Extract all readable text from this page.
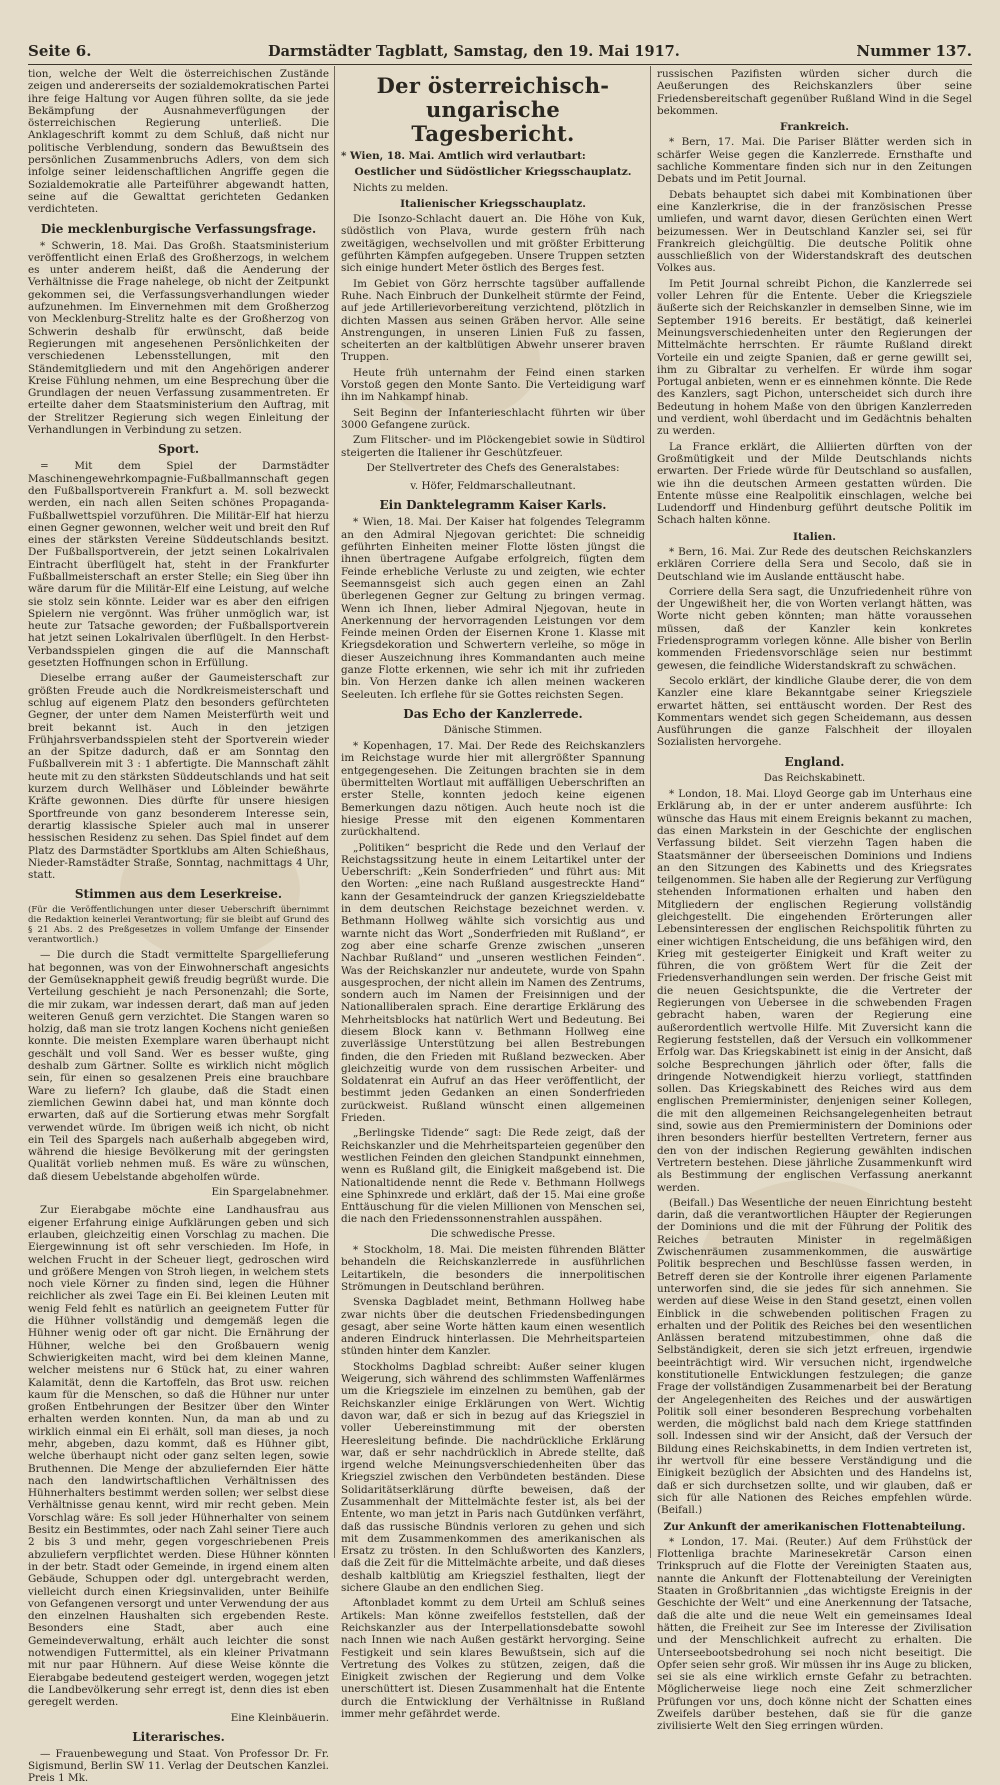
Seite 6.	Darmstädter Tagblatt, Samstag, den 19. Mai 1917.	Nummer 137.

tion, welche der Welt die österreichischen Zustände zeigen und andererseits der sozialdemokratischen Partei ihre feige Haltung vor Augen führen sollte, da sie jede Bekämpfung der Ausnahmeverfügungen der österreichischen Regierung unterließ. Die Anklageschrift kommt zu dem Schluß, daß nicht nur politische Verblendung, sondern das Bewußtsein des persönlichen Zusammenbruchs Adlers, von dem sich infolge seiner leidenschaftlichen Angriffe gegen die Sozialdemokratie alle Parteiführer abgewandt hatten, seine auf die Gewalttat gerichteten Gedanken verdichteten.

Die mecklenburgische Verfassungsfrage.

* Schwerin, 18. Mai. Das Großh. Staatsministerium veröffentlicht einen Erlaß des Großherzogs, in welchem es unter anderem heißt, daß die Aenderung der Verhältnisse die Frage nahelege, ob nicht der Zeitpunkt gekommen sei, die Verfassungsverhandlungen wieder aufzunehmen. Im Einvernehmen mit dem Großherzog von Mecklenburg-Strelitz halte es der Großherzog von Schwerin deshalb für erwünscht, daß beide Regierungen mit angesehenen Persönlichkeiten der verschiedenen Lebensstellungen, mit den Ständemitgliedern und mit den Angehörigen anderer Kreise Fühlung nehmen, um eine Besprechung über die Grundlagen der neuen Verfassung zusammentreten. Er erteilte daher dem Staatsministerium den Auftrag, mit der Strelitzer Regierung sich wegen Einleitung der Verhandlungen in Verbindung zu setzen.

Sport.

= Mit dem Spiel der Darmstädter Maschinengewehrkompagnie-Fußballmannschaft gegen den Fußballsportverein Frankfurt a. M. soll bezweckt werden, ein nach allen Seiten schönes Propaganda-Fußballwettspiel vorzuführen. Die Militär-Elf hat hierzu einen Gegner gewonnen, welcher weit und breit den Ruf eines der stärksten Vereine Süddeutschlands besitzt. Der Fußballsportverein, der jetzt seinen Lokalrivalen Eintracht überflügelt hat, steht in der Frankfurter Fußballmeisterschaft an erster Stelle; ein Sieg über ihn wäre darum für die Militär-Elf eine Leistung, auf welche sie stolz sein könnte. Leider war es aber den eifrigen Spielern nie vergönnt. Was früher unmöglich war, ist heute zur Tatsache geworden; der Fußballsportverein hat jetzt seinen Lokalrivalen überflügelt. In den Herbst-Verbandsspielen gingen die auf die Mannschaft gesetzten Hoffnungen schon in Erfüllung.

Dieselbe errang außer der Gaumeisterschaft zur größten Freude auch die Nordkreismeisterschaft und schlug auf eigenem Platz den besonders gefürchteten Gegner, der unter dem Namen Meisterfürth weit und breit bekannt ist. Auch in den jetzigen Frühjahrsverbandsspielen steht der Sportverein wieder an der Spitze dadurch, daß er am Sonntag den Fußballverein mit 3 : 1 abfertigte. Die Mannschaft zählt heute mit zu den stärksten Süddeutschlands und hat seit kurzem durch Wellhäser und Löbleinder bewährte Kräfte gewonnen. Dies dürfte für unsere hiesigen Sportfreunde von ganz besonderem Interesse sein, derartig klassische Spieler auch mal in unserer hessischen Residenz zu sehen. Das Spiel findet auf dem Platz des Darmstädter Sportklubs am Alten Schießhaus, Nieder-Ramstädter Straße, Sonntag, nachmittags 4 Uhr, statt.

Stimmen aus dem Leserkreise.

(Für die Veröffentlichungen unter dieser Ueberschrift übernimmt die Redaktion keinerlei Verantwortung; für sie bleibt auf Grund des § 21 Abs. 2 des Preßgesetzes in vollem Umfange der Einsender verantwortlich.)

— Die durch die Stadt vermittelte Spargellieferung hat begonnen, was von der Einwohnerschaft angesichts der Gemüseknappheit gewiß freudig begrüßt wurde. Die Verteilung geschieht je nach Personenzahl; die Sorte, die mir zukam, war indessen derart, daß man auf jeden weiteren Genuß gern verzichtet. Die Stangen waren so holzig, daß man sie trotz langen Kochens nicht genießen konnte. Die meisten Exemplare waren überhaupt nicht geschält und voll Sand. Wer es besser wußte, ging deshalb zum Gärtner. Sollte es wirklich nicht möglich sein, für einen so gesalzenen Preis eine brauchbare Ware zu liefern? Ich glaube, daß die Stadt einen ziemlichen Gewinn dabei hat, und man könnte doch erwarten, daß auf die Sortierung etwas mehr Sorgfalt verwendet würde. Im übrigen weiß ich nicht, ob nicht ein Teil des Spargels nach außerhalb abgegeben wird, während die hiesige Bevölkerung mit der geringsten Qualität vorlieb nehmen muß. Es wäre zu wünschen, daß diesem Uebelstande abgeholfen würde.

Ein Spargelabnehmer.

Zur Eierabgabe möchte eine Landhausfrau aus eigener Erfahrung einige Aufklärungen geben und sich erlauben, gleichzeitig einen Vorschlag zu machen. Die Eiergewinnung ist oft sehr verschieden. Im Hofe, in welchen Frucht in der Scheuer liegt, gedroschen wird und größere Mengen von Stroh liegen, in welchem stets noch viele Körner zu finden sind, legen die Hühner reichlicher als zwei Tage ein Ei. Bei kleinen Leuten mit wenig Feld fehlt es natürlich an geeignetem Futter für die Hühner vollständig und demgemäß legen die Hühner wenig oder oft gar nicht. Die Ernährung der Hühner, welche bei den Großbauern wenig Schwierigkeiten macht, wird bei dem kleinen Manne, welcher meistens nur 6 Stück hat, zu einer wahren Kalamität, denn die Kartoffeln, das Brot usw. reichen kaum für die Menschen, so daß die Hühner nur unter großen Entbehrungen der Besitzer über den Winter erhalten werden konnten. Nun, da man ab und zu wirklich einmal ein Ei erhält, soll man dieses, ja noch mehr, abgeben, dazu kommt, daß es Hühner gibt, welche überhaupt nicht oder ganz selten legen, sowie Bruthennen. Die Menge der abzuliefernden Eier hätte nach den landwirtschaftlichen Verhältnissen des Hühnerhalters bestimmt werden sollen; wer selbst diese Verhältnisse genau kennt, wird mir recht geben. Mein Vorschlag wäre: Es soll jeder Hühnerhalter von seinem Besitz ein Bestimmtes, oder nach Zahl seiner Tiere auch 2 bis 3 und mehr, gegen vorgeschriebenen Preis abzuliefern verpflichtet werden. Diese Hühner könnten in der betr. Stadt oder Gemeinde, in irgend einem alten Gebäude, Schuppen oder dgl. untergebracht werden, vielleicht durch einen Kriegsinvaliden, unter Beihilfe von Gefangenen versorgt und unter Verwendung der aus den einzelnen Haushalten sich ergebenden Reste. Besonders eine Stadt, aber auch eine Gemeindeverwaltung, erhält auch leichter die sonst notwendigen Futtermittel, als ein kleiner Privatmann mit nur paar Hühnern. Auf diese Weise könnte die Eierabgabe bedeutend gesteigert werden, wogegen jetzt die Landbevölkerung sehr erregt ist, denn dies ist eben geregelt werden.

Eine Kleinbäuerin.

Literarisches.

— Frauenbewegung und Staat. Von Professor Dr. Fr. Sigismund, Berlin SW 11. Verlag der Deutschen Kanzlei. Preis 1 Mk.

Der österreichisch-ungarische Tagesbericht.

* Wien, 18. Mai. Amtlich wird verlautbart:

Oestlicher und Südöstlicher Kriegsschauplatz.

Nichts zu melden.

Italienischer Kriegsschauplatz.

Die Isonzo-Schlacht dauert an. Die Höhe von Kuk, südöstlich von Plava, wurde gestern früh nach zweitägigen, wechselvollen und mit größter Erbitterung geführten Kämpfen aufgegeben. Unsere Truppen setzten sich einige hundert Meter östlich des Berges fest.

Im Gebiet von Görz herrschte tagsüber auffallende Ruhe. Nach Einbruch der Dunkelheit stürmte der Feind, auf jede Artillerievorbereitung verzichtend, plötzlich in dichten Massen aus seinen Gräben hervor. Alle seine Anstrengungen, in unseren Linien Fuß zu fassen, scheiterten an der kaltblütigen Abwehr unserer braven Truppen.

Heute früh unternahm der Feind einen starken Vorstoß gegen den Monte Santo. Die Verteidigung warf ihn im Nahkampf hinab.

Seit Beginn der Infanterieschlacht führten wir über 3000 Gefangene zurück.

Zum Flitscher- und im Plöckengebiet sowie in Südtirol steigerten die Italiener ihr Geschützfeuer.

Der Stellvertreter des Chefs des Generalstabes:

v. Höfer, Feldmarschalleutnant.

Ein Danktelegramm Kaiser Karls.

* Wien, 18. Mai. Der Kaiser hat folgendes Telegramm an den Admiral Njegovan gerichtet: Die schneidig geführten Einheiten meiner Flotte lösten jüngst die ihnen übertragene Aufgabe erfolgreich, fügten dem Feinde erhebliche Verluste zu und zeigten, wie echter Seemannsgeist sich auch gegen einen an Zahl überlegenen Gegner zur Geltung zu bringen vermag. Wenn ich Ihnen, lieber Admiral Njegovan, heute in Anerkennung der hervorragenden Leistungen vor dem Feinde meinen Orden der Eisernen Krone 1. Klasse mit Kriegsdekoration und Schwertern verleihe, so möge in dieser Auszeichnung ihres Kommandanten auch meine ganze Flotte erkennen, wie sehr ich mit ihr zufrieden bin. Von Herzen danke ich allen meinen wackeren Seeleuten. Ich erflehe für sie Gottes reichsten Segen.

Das Echo der Kanzlerrede.
Dänische Stimmen.

* Kopenhagen, 17. Mai. Der Rede des Reichskanzlers im Reichstage wurde hier mit allergrößter Spannung entgegengesehen. Die Zeitungen brachten sie in dem übermittelten Wortlaut mit auffälligen Ueberschriften an erster Stelle, konnten jedoch keine eigenen Bemerkungen dazu nötigen. Auch heute noch ist die hiesige Presse mit den eigenen Kommentaren zurückhaltend.

„Politiken“ bespricht die Rede und den Verlauf der Reichstagssitzung heute in einem Leitartikel unter der Ueberschrift: „Kein Sonderfrieden“ und führt aus: Mit den Worten: „eine nach Rußland ausgestreckte Hand“ kann der Gesamteindruck der ganzen Kriegszieldebatte in dem deutschen Reichstage bezeichnet werden. v. Bethmann Hollweg wählte sich vorsichtig aus und warnte nicht das Wort „Sonderfrieden mit Rußland“, er zog aber eine scharfe Grenze zwischen „unseren Nachbar Rußland“ und „unseren westlichen Feinden“. Was der Reichskanzler nur andeutete, wurde von Spahn ausgesprochen, der nicht allein im Namen des Zentrums, sondern auch im Namen der Freisinnigen und der Nationalliberalen sprach. Eine derartige Erklärung des Mehrheitsblocks hat natürlich Wert und Bedeutung. Bei diesem Block kann v. Bethmann Hollweg eine zuverlässige Unterstützung bei allen Bestrebungen finden, die den Frieden mit Rußland bezwecken. Aber gleichzeitig wurde von dem russischen Arbeiter- und Soldatenrat ein Aufruf an das Heer veröffentlicht, der bestimmt jeden Gedanken an einen Sonderfrieden zurückweist. Rußland wünscht einen allgemeinen Frieden.

„Berlingske Tidende“ sagt: Die Rede zeigt, daß der Reichskanzler und die Mehrheitsparteien gegenüber den westlichen Feinden den gleichen Standpunkt einnehmen, wenn es Rußland gilt, die Einigkeit maßgebend ist. Die Nationaltidende nennt die Rede v. Bethmann Hollwegs eine Sphinxrede und erklärt, daß der 15. Mai eine große Enttäuschung für die vielen Millionen von Menschen sei, die nach den Friedenssonnenstrahlen ausspähen.

Die schwedische Presse.

* Stockholm, 18. Mai. Die meisten führenden Blätter behandeln die Reichskanzlerrede in ausführlichen Leitartikeln, die besonders die innerpolitischen Strömungen in Deutschland berühren.

Svenska Dagbladet meint, Bethmann Hollweg habe zwar nichts über die deutschen Friedensbedingungen gesagt, aber seine Worte hätten kaum einen wesentlich anderen Eindruck hinterlassen. Die Mehrheitsparteien stünden hinter dem Kanzler.

Stockholms Dagblad schreibt: Außer seiner klugen Weigerung, sich während des schlimmsten Waffenlärmes um die Kriegsziele im einzelnen zu bemühen, gab der Reichskanzler einige Erklärungen von Wert. Wichtig davon war, daß er sich in bezug auf das Kriegsziel in voller Uebereinstimmung mit der obersten Heeresleitung befinde. Die nachdrückliche Erklärung war, daß er sehr nachdrücklich in Abrede stellte, daß irgend welche Meinungsverschiedenheiten über das Kriegsziel zwischen den Verbündeten beständen. Diese Solidaritätserklärung dürfte beweisen, daß der Zusammenhalt der Mittelmächte fester ist, als bei der Entente, wo man jetzt in Paris nach Gutdünken verfährt, daß das russische Bündnis verloren zu gehen und sich mit dem Zusammenkommen des amerikanischen als Ersatz zu trösten. In den Schlußworten des Kanzlers, daß die Zeit für die Mittelmächte arbeite, und daß dieses deshalb kaltblütig am Kriegsziel festhalten, liegt der sichere Glaube an den endlichen Sieg.

Aftonbladet kommt zu dem Urteil am Schluß seines Artikels: Man könne zweifellos feststellen, daß der Reichskanzler aus der Interpellationsdebatte sowohl nach Innen wie nach Außen gestärkt hervorging. Seine Festigkeit und sein klares Bewußtsein, sich auf die Vertretung des Volkes zu stützen, zeigen, daß die Einigkeit zwischen der Regierung und dem Volke unerschüttert ist. Diesen Zusammenhalt hat die Entente durch die Entwicklung der Verhältnisse in Rußland immer mehr gefährdet werde.

russischen Pazifisten würden sicher durch die Aeußerungen des Reichskanzlers über seine Friedensbereitschaft gegenüber Rußland Wind in die Segel bekommen.

Frankreich.

* Bern, 17. Mai. Die Pariser Blätter werden sich in schärfer Weise gegen die Kanzlerrede. Ernsthafte und sachliche Kommentare finden sich nur in den Zeitungen Debats und im Petit Journal.

Debats behauptet sich dabei mit Kombinationen über eine Kanzlerkrise, die in der französischen Presse umliefen, und warnt davor, diesen Gerüchten einen Wert beizumessen. Wer in Deutschland Kanzler sei, sei für Frankreich gleichgültig. Die deutsche Politik ohne ausschließlich von der Widerstandskraft des deutschen Volkes aus.

Im Petit Journal schreibt Pichon, die Kanzlerrede sei voller Lehren für die Entente. Ueber die Kriegsziele äußerte sich der Reichskanzler in demselben Sinne, wie im September 1916 bereits. Er bestätigt, daß keinerlei Meinungsverschiedenheiten unter den Regierungen der Mittelmächte herrschten. Er räumte Rußland direkt Vorteile ein und zeigte Spanien, daß er gerne gewillt sei, ihm zu Gibraltar zu verhelfen. Er würde ihm sogar Portugal anbieten, wenn er es einnehmen könnte. Die Rede des Kanzlers, sagt Pichon, unterscheidet sich durch ihre Bedeutung in hohem Maße von den übrigen Kanzlerreden und verdient, wohl überdacht und im Gedächtnis behalten zu werden.

La France erklärt, die Alliierten dürften von der Großmütigkeit und der Milde Deutschlands nichts erwarten. Der Friede würde für Deutschland so ausfallen, wie ihn die deutschen Armeen gestatten würden. Die Entente müsse eine Realpolitik einschlagen, welche bei Ludendorff und Hindenburg geführt deutsche Politik im Schach halten könne.

Italien.

* Bern, 16. Mai. Zur Rede des deutschen Reichskanzlers erklären Corriere della Sera und Secolo, daß sie in Deutschland wie im Auslande enttäuscht habe.

Corriere della Sera sagt, die Unzufriedenheit rühre von der Ungewißheit her, die von Worten verlangt hätten, was Worte nicht geben könnten; man hätte voraussehen müssen, daß der Kanzler kein konkretes Friedensprogramm vorlegen könne. Alle bisher von Berlin kommenden Friedensvorschläge seien nur bestimmt gewesen, die feindliche Widerstandskraft zu schwächen.

Secolo erklärt, der kindliche Glaube derer, die von dem Kanzler eine klare Bekanntgabe seiner Kriegsziele erwartet hätten, sei enttäuscht worden. Der Rest des Kommentars wendet sich gegen Scheidemann, aus dessen Ausführungen die ganze Falschheit der illoyalen Sozialisten hervorgehe.

England.
Das Reichskabinett.

* London, 18. Mai. Lloyd George gab im Unterhaus eine Erklärung ab, in der er unter anderem ausführte: Ich wünsche das Haus mit einem Ereignis bekannt zu machen, das einen Markstein in der Geschichte der englischen Verfassung bildet. Seit vierzehn Tagen haben die Staatsmänner der überseeischen Dominions und Indiens an den Sitzungen des Kabinetts und des Kriegsrates teilgenommen. Sie haben alle der Regierung zur Verfügung stehenden Informationen erhalten und haben den Mitgliedern der englischen Regierung vollständig gleichgestellt. Die eingehenden Erörterungen aller Lebensinteressen der englischen Reichspolitik führten zu einer wichtigen Entscheidung, die uns befähigen wird, den Krieg mit gesteigerter Einigkeit und Kraft weiter zu führen, die von größtem Wert für die Zeit der Friedensverhandlungen sein werden. Der frische Geist mit die neuen Gesichtspunkte, die die Vertreter der Regierungen von Uebersee in die schwebenden Fragen gebracht haben, waren der Regierung eine außerordentlich wertvolle Hilfe. Mit Zuversicht kann die Regierung feststellen, daß der Versuch ein vollkommener Erfolg war. Das Kriegskabinett ist einig in der Ansicht, daß solche Besprechungen jährlich oder öfter, falls die dringende Notwendigkeit hierzu vorliegt, stattfinden sollen. Das Kriegskabinett des Reiches wird aus dem englischen Premierminister, denjenigen seiner Kollegen, die mit den allgemeinen Reichsangelegenheiten betraut sind, sowie aus den Premierministern der Dominions oder ihren besonders hierfür bestellten Vertretern, ferner aus den von der indischen Regierung gewählten indischen Vertretern bestehen. Diese jährliche Zusammenkunft wird als Bestimmung der englischen Verfassung anerkannt werden.

(Beifall.) Das Wesentliche der neuen Einrichtung besteht darin, daß die verantwortlichen Häupter der Regierungen der Dominions und die mit der Führung der Politik des Reiches betrauten Minister in regelmäßigen Zwischenräumen zusammenkommen, die auswärtige Politik besprechen und Beschlüsse fassen werden, in Betreff deren sie der Kontrolle ihrer eigenen Parlamente unterworfen sind, die sie jedes für sich annehmen. Sie werden auf diese Weise in den Stand gesetzt, einen vollen Einblick in die schwebenden politischen Fragen zu erhalten und der Politik des Reiches bei den wesentlichen Anlässen beratend mitzubestimmen, ohne daß die Selbständigkeit, deren sie sich jetzt erfreuen, irgendwie beeinträchtigt wird. Wir versuchen nicht, irgendwelche konstitutionelle Entwicklungen festzulegen; die ganze Frage der vollständigen Zusammenarbeit bei der Beratung der Angelegenheiten des Reiches und der auswärtigen Politik soll einer besonderen Besprechung vorbehalten werden, die möglichst bald nach dem Kriege stattfinden soll. Indessen sind wir der Ansicht, daß der Versuch der Bildung eines Reichskabinetts, in dem Indien vertreten ist, ihr wertvoll für eine bessere Verständigung und die Einigkeit bezüglich der Absichten und des Handelns ist, daß er sich durchsetzen sollte, und wir glauben, daß er sich für alle Nationen des Reiches empfehlen würde. (Beifall.)

Zur Ankunft der amerikanischen Flottenabteilung.

* London, 17. Mai. (Reuter.) Auf dem Frühstück der Flottenliga brachte Marinesekretär Carson einen Trinkspruch auf die Flotte der Vereinigten Staaten aus, nannte die Ankunft der Flottenabteilung der Vereinigten Staaten in Großbritannien „das wichtigste Ereignis in der Geschichte der Welt“ und eine Anerkennung der Tatsache, daß die alte und die neue Welt ein gemeinsames Ideal hätten, die Freiheit zur See im Interesse der Zivilisation und der Menschlichkeit aufrecht zu erhalten. Die Unterseebootsbedrohung sei noch nicht beseitigt. Die Opfer seien sehr groß. Wir müssen ihr ins Auge zu blicken, sei sie als eine wirklich ernste Gefahr zu betrachten. Möglicherweise liege noch eine Zeit schmerzlicher Prüfungen vor uns, doch könne nicht der Schatten eines Zweifels darüber bestehen, daß sie für die ganze zivilisierte Welt den Sieg erringen würden.
